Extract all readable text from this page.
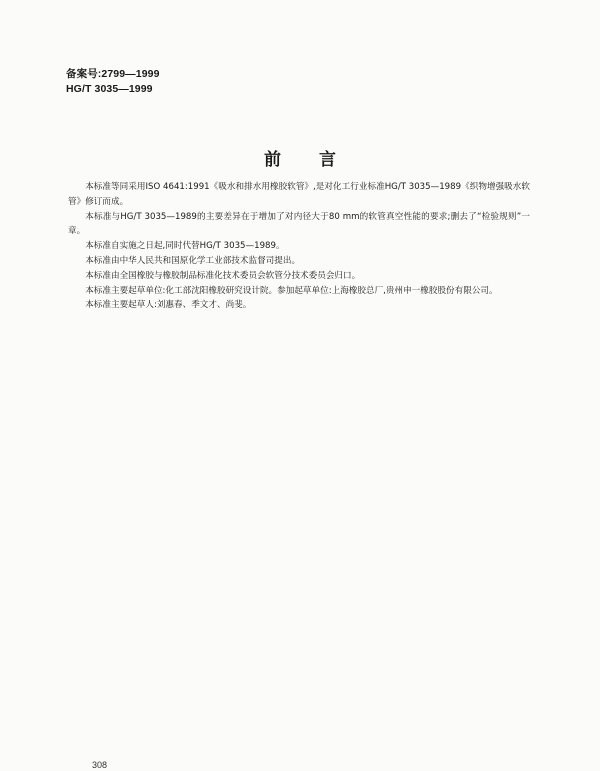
备案号:2799—1999
HG/T 3035—1999
前言

本标准等同采用ISO 4641:1991《吸水和排水用橡胶软管》,是对化工行业标准HG/T 3035—1989《织物增强吸水软管》修订而成。

本标准与HG/T 3035—1989的主要差异在于增加了对内径大于80 mm的软管真空性能的要求;删去了“检验规则”一章。

本标准自实施之日起,同时代替HG/T 3035—1989。

本标准由中华人民共和国原化学工业部技术监督司提出。

本标准由全国橡胶与橡胶制品标准化技术委员会软管分技术委员会归口。

本标准主要起草单位:化工部沈阳橡胶研究设计院。参加起草单位:上海橡胶总厂,贵州申一橡胶股份有限公司。

本标准主要起草人:刘惠春、季文才、尚斐。

308
